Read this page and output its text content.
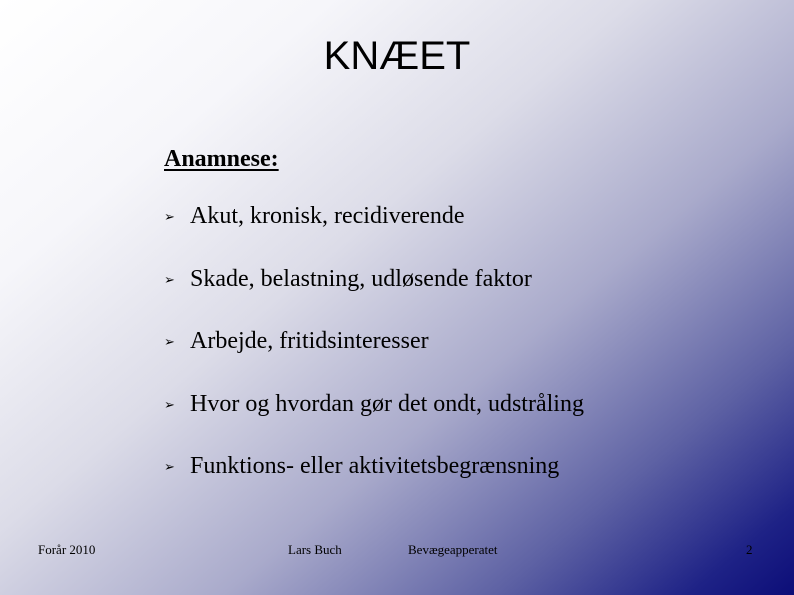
KNÆET
Anamnese:
➢ Akut, kronisk, recidiverende
➢ Skade, belastning, udløsende faktor
➢ Arbejde, fritidsinteresser
➢ Hvor og hvordan gør det ondt, udstråling
➢ Funktions- eller aktivitetsbegrænsning
Forår 2010	Lars Buch	Bevægeapperatet	2
